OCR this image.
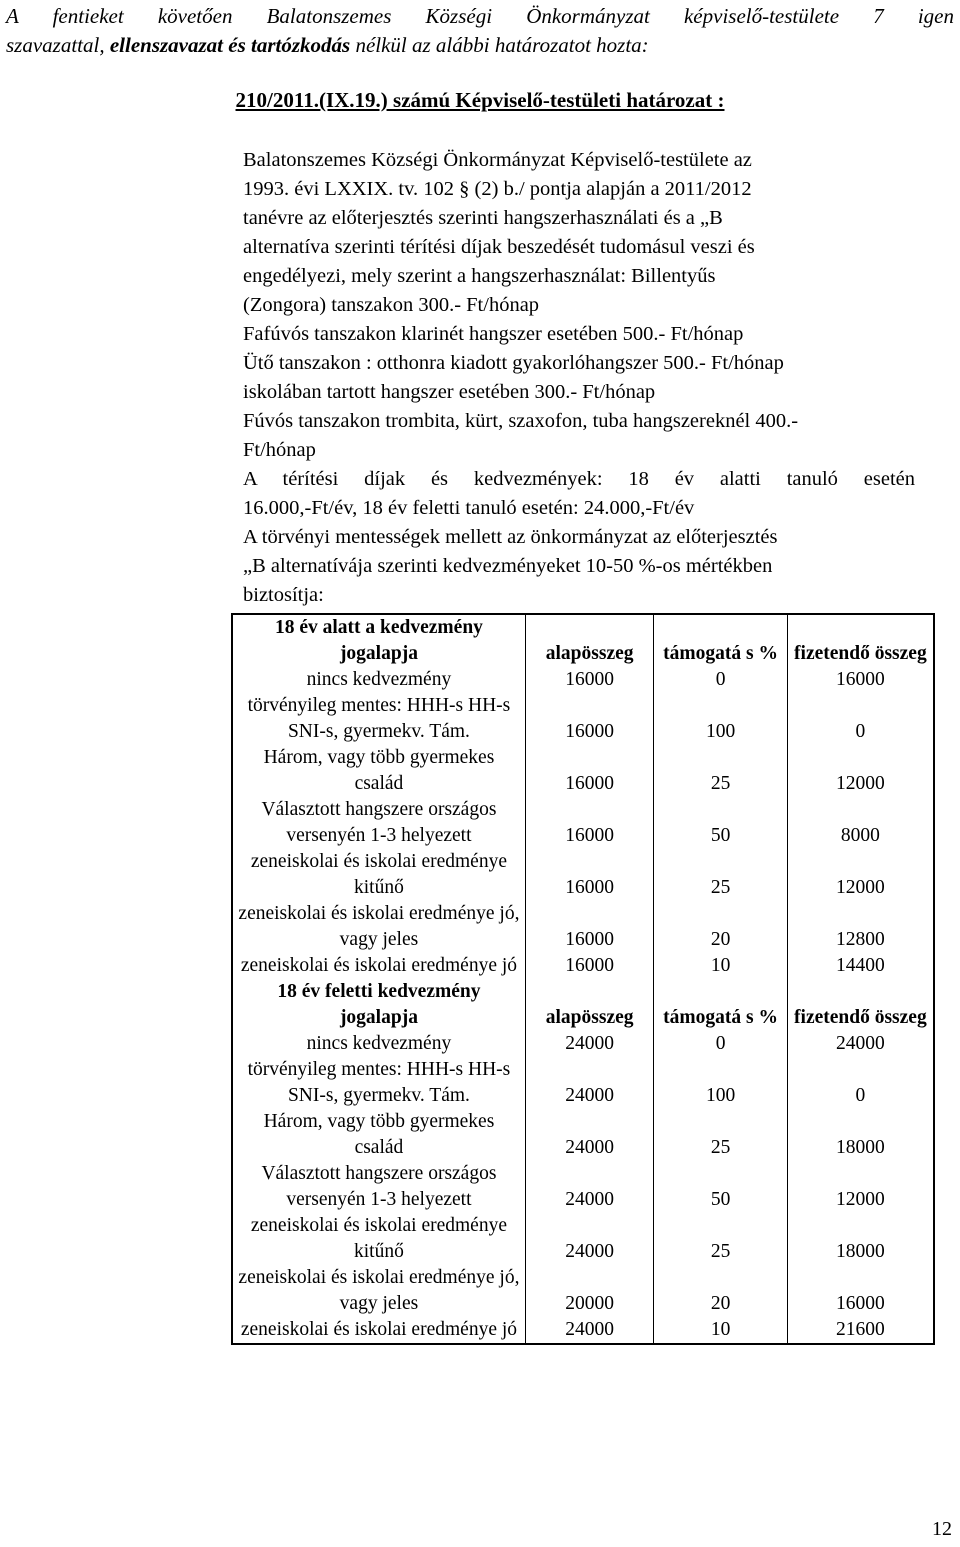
A fentieket követően Balatonszemes Községi Önkormányzat képviselő-testülete 7 igen
szavazattal, ellenszavazat és tartózkodás nélkül az alábbi határozatot hozta:
210/2011.(IX.19.) számú Képviselő-testületi határozat :
Balatonszemes Községi Önkormányzat Képviselő-testülete az
1993. évi LXXIX. tv. 102 § (2) b./ pontja alapján a 2011/2012
tanévre az előterjesztés szerinti hangszerhasználati és a „B
alternatíva szerinti térítési díjak beszedését tudomásul veszi és
engedélyezi, mely szerint a hangszerhasználat: Billentyűs
(Zongora) tanszakon 300.- Ft/hónap
Fafúvós tanszakon klarinét hangszer esetében 500.- Ft/hónap
Ütő tanszakon : otthonra kiadott gyakorlóhangszer 500.- Ft/hónap
iskolában tartott hangszer esetében 300.- Ft/hónap
Fúvós tanszakon trombita, kürt, szaxofon, tuba hangszereknél 400.-
Ft/hónap
A térítési díjak és kedvezmények: 18 év alatti tanuló esetén
16.000,-Ft/év, 18 év feletti tanuló esetén: 24.000,-Ft/év
A törvényi mentességek mellett az önkormányzat az előterjesztés
„B alternatívája szerinti kedvezményeket 10-50 %-os mértékben
biztosítja:
18 év alatt a kedvezmény jogalapja	alapösszeg	támogatá s %	fizetendő összeg
nincs kedvezmény	16000	0	16000
törvényileg mentes: HHH-s HH-s SNI-s, gyermekv. Tám.	16000	100	0
Három, vagy több gyermekes család	16000	25	12000
Választott hangszere országos versenyén 1-3 helyezett	16000	50	8000
zeneiskolai és iskolai eredménye kitűnő	16000	25	12000
zeneiskolai és iskolai eredménye jó, vagy jeles	16000	20	12800
zeneiskolai és iskolai eredménye jó	16000	10	14400
18 év feletti kedvezmény jogalapja	alapösszeg	támogatá s %	fizetendő összeg
nincs kedvezmény	24000	0	24000
törvényileg mentes: HHH-s HH-s SNI-s, gyermekv. Tám.	24000	100	0
Három, vagy több gyermekes család	24000	25	18000
Választott hangszere országos versenyén 1-3 helyezett	24000	50	12000
zeneiskolai és iskolai eredménye kitűnő	24000	25	18000
zeneiskolai és iskolai eredménye jó, vagy jeles	20000	20	16000
zeneiskolai és iskolai eredménye jó	24000	10	21600
12
